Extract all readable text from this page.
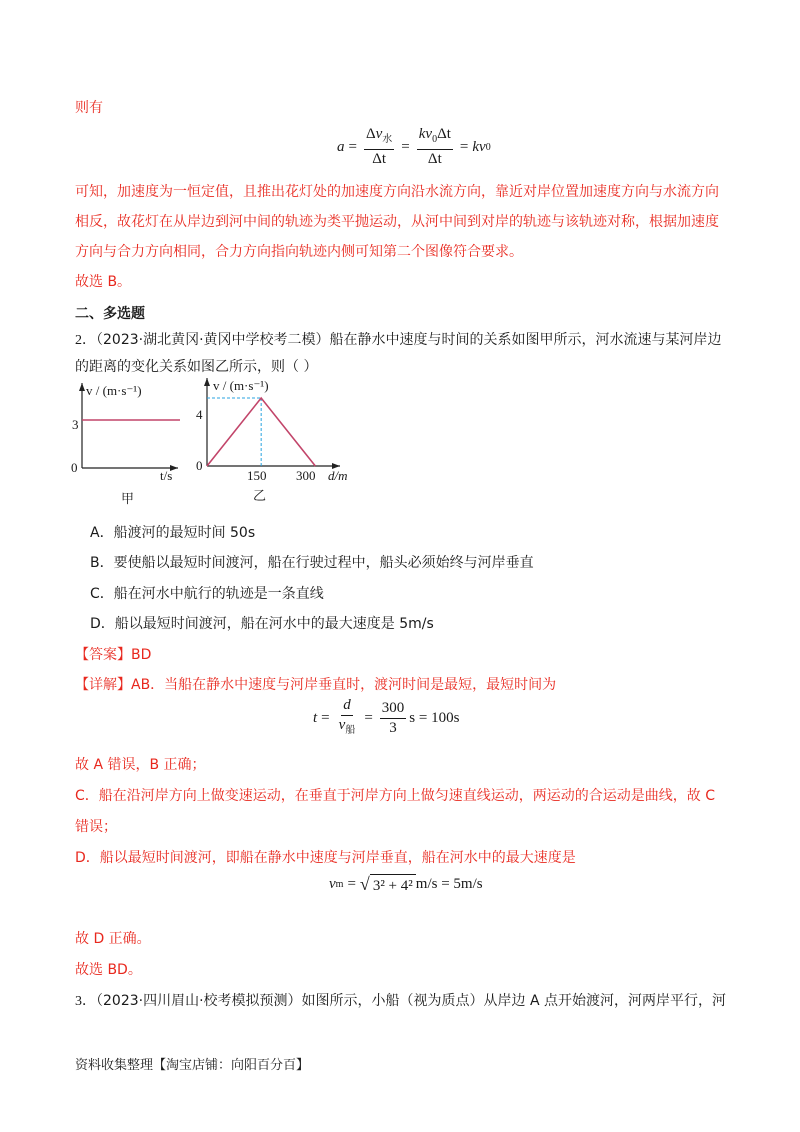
则有
$a = \frac{\Delta v_水}{\Delta t} = \frac{kv_0\Delta t}{\Delta t}$ = kv 0
可知，加速度为一恒定值，且推出花灯处的加速度方向沿水流方向，靠近对岸位置加速度方向与水流方向
相反，故花灯在从岸边到河中间的轨迹为类平抛运动，从河中间到对岸的轨迹与该轨迹对称，根据加速度
方向与合力方向相同，合力方向指向轨迹内侧可知第二个图像符合要求。
故选 B。
二、多选题
2．（2023·湖北黄冈·黄冈中学校考二模）船在静水中速度与时间的关系如图甲所示，河水流速与某河岸边
的距离的变化关系如图乙所示，则（ ）
v / (m·s⁻¹)
3
0
t/s
甲
v / (m·s⁻¹)
4
0
150 300 d/m
乙
A．船渡河的最短时间 50s
B．要使船以最短时间渡河，船在行驶过程中，船头必须始终与河岸垂直
C．船在河水中航行的轨迹是一条直线
D．船以最短时间渡河，船在河水中的最大速度是 5m/s
【答案】BD
【详解】AB．当船在静水中速度与河岸垂直时，渡河时间是最短，最短时间为
$t = \frac{d}{v_船} = \frac{300}{3}$ s = 100s
故 A 错误，B 正确；
C．船在沿河岸方向上做变速运动，在垂直于河岸方向上做匀速直线运动，两运动的合运动是曲线，故 C
错误；
D．船以最短时间渡河，即船在静水中速度与河岸垂直，船在河水中的最大速度是
v m = √ 3² + 4² m/s = 5m/s
故 D 正确。
故选 BD。
3．（2023·四川眉山·校考模拟预测）如图所示，小船（视为质点）从岸边 A 点开始渡河，河两岸平行，河
资料收集整理【淘宝店铺：向阳百分百】
